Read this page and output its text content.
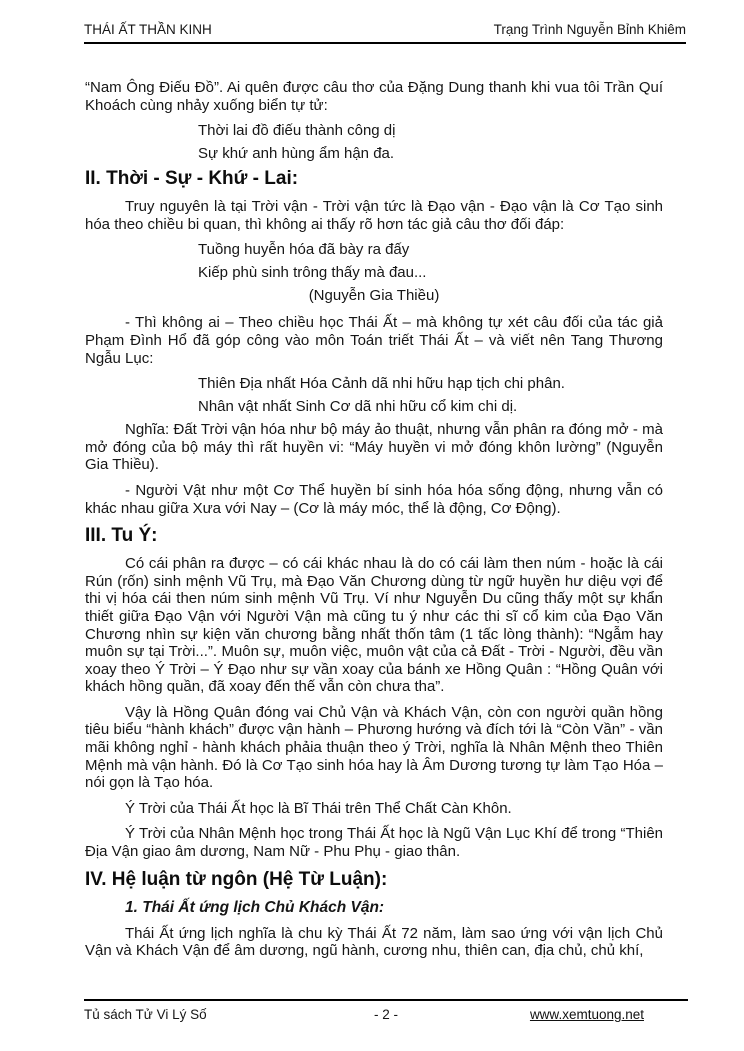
THÁI ẤT THẦN KINH	Trạng Trình Nguyễn Bỉnh Khiêm

“Nam Ông Điếu Đồ”. Ai quên được câu thơ của Đặng Dung thanh khi vua tôi Trần Quí Khoách cùng nhảy xuống biển tự tử:

Thời lai đồ điếu thành công dị
Sự khứ anh hùng ẩm hận đa.
II. Thời - Sự - Khứ - Lai:

Truy nguyên là tại Trời vận - Trời vận tức là Đạo vận - Đạo vận là Cơ Tạo sinh hóa theo chiều bi quan, thì không ai thấy rõ hơn tác giả câu thơ đối đáp:

Tuồng huyễn hóa đã bày ra đấy
Kiếp phù sinh trông thấy mà đau...
(Nguyễn Gia Thiều)

- Thì không ai – Theo chiều học Thái Ất – mà không tự xét câu đối của tác giả Phạm Đình Hổ đã góp công vào môn Toán triết Thái Ất – và viết nên Tang Thương Ngẫu Lục:

Thiên Địa nhất Hóa Cảnh dã nhi hữu hạp tịch chi phân.
Nhân vật nhất Sinh Cơ dã nhi hữu cổ kim chi dị.

Nghĩa: Đất Trời vận hóa như bộ máy ảo thuật, nhưng vẫn phân ra đóng mở - mà mở đóng của bộ máy thì rất huyền vi: “Máy huyền vi mở đóng khôn lường” (Nguyễn Gia Thiều).

- Người Vật như một Cơ Thể huyền bí sinh hóa hóa sống động, nhưng vẫn có khác nhau giữa Xưa với Nay – (Cơ là máy móc, thể là động, Cơ Động).

III. Tu Ý:

Có cái phân ra được – có cái khác nhau là do có cái làm then núm - hoặc là cái Rún (rốn) sinh mệnh Vũ Trụ, mà Đạo Văn Chương dùng từ ngữ huyền hư diệu vợi để thi vị hóa cái then núm sinh mệnh Vũ Trụ. Ví như Nguyễn Du cũng thấy một sự khẩn thiết giữa Đạo Vận với Người Vận mà cũng tu ý như các thi sĩ cổ kim của Đạo Văn Chương nhìn sự kiện văn chương bằng nhất thốn tâm (1 tấc lòng thành): “Ngẫm hay muôn sự tại Trời...”. Muôn sự, muôn việc, muôn vật của cả Đất - Trời - Người, đều vần xoay theo Ý Trời – Ý Đạo như sự vần xoay của bánh xe Hồng Quân : “Hồng Quân với khách hồng quần, đã xoay đến thế vẫn còn chưa tha”.

Vậy là Hồng Quân đóng vai Chủ Vận và Khách Vận, còn con người quần hồng tiêu biểu “hành khách” được vận hành – Phương hướng và đích tới là “Còn Vần” - vần mãi không nghỉ - hành khách phảia thuận theo ý Trời, nghĩa là Nhân Mệnh theo Thiên Mệnh mà vận hành. Đó là Cơ Tạo sinh hóa hay là Âm Dương tương tự làm Tạo Hóa – nói gọn là Tạo hóa.

Ý Trời của Thái Ất học là Bĩ Thái trên Thể Chất Càn Khôn.

Ý Trời của Nhân Mệnh học trong Thái Ất học là Ngũ Vận Lục Khí để trong “Thiên Địa Vận giao âm dương, Nam Nữ - Phu Phụ - giao thân.

IV. Hệ luận từ ngôn (Hệ Từ Luận):
1. Thái Ất ứng lịch Chủ Khách Vận:

Thái Ất ứng lịch nghĩa là chu kỳ Thái Ất 72 năm, làm sao ứng với vận lịch Chủ Vận và Khách Vận để âm dương, ngũ hành, cương nhu, thiên can, địa chủ, chủ khí,

Tủ sách Tử Vi Lý Số	- 2 -	www.xemtuong.net
